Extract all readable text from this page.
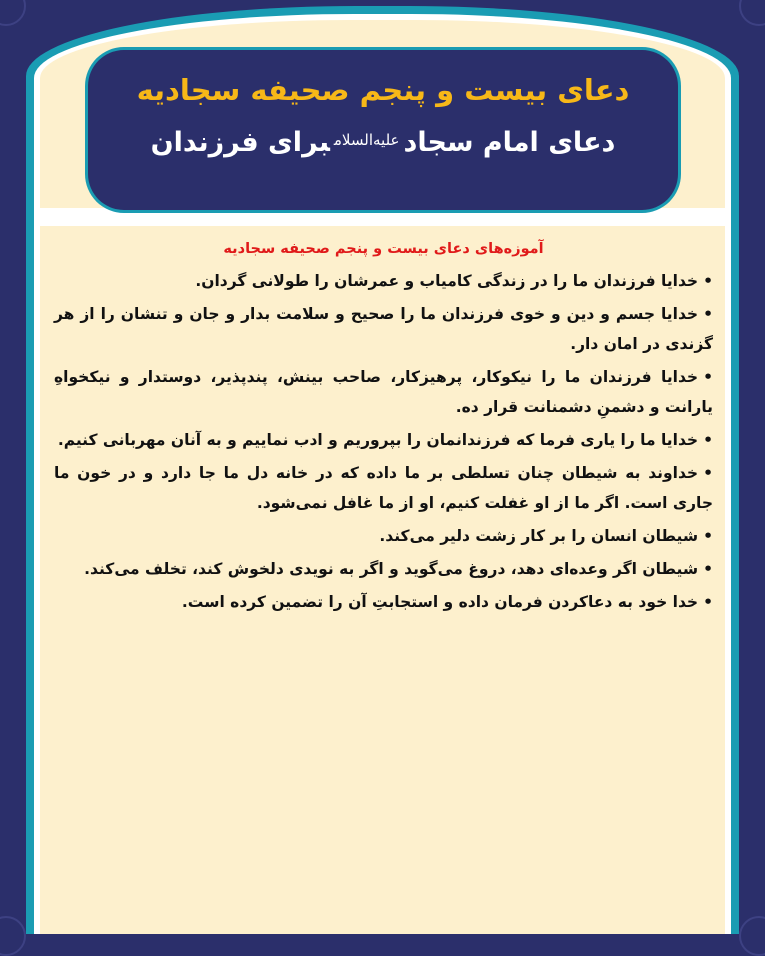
دعای بیست و پنجم صحیفه سجادیه
دعای امام سجاد$^{علیه‌السلام}$برای فرزندان
آموزه‌های دعای بیست و پنجم صحیفه سجادیه
•خدایا فرزندان ما را در زندگی کامیاب و عمرشان را طولانی گردان.
•خدایا جسم و دین و خوی فرزندان ما را صحیح و سلامت بدار و جان و تنشان را از هر گزندی در امان دار.
•خدایا فرزندان ما را نیکوکار، پرهیزکار، صاحب بینش، پندپذیر، دوستدار و نیکخواهِ یارانت و دشمنِ دشمنانت قرار ده.
•خدایا ما را یاری فرما که فرزندانمان را بپروریم و ادب نماییم و به آنان مهربانی کنیم.
•خداوند به شیطان چنان تسلطی بر ما داده که در خانه دل ما جا دارد و در خون ما جاری است. اگر ما از او غفلت کنیم، او از ما غافل نمی‌شود.
•شیطان انسان را بر کار زشت دلیر می‌کند.
•شیطان اگر وعده‌ای دهد، دروغ می‌گوید و اگر به نویدی دلخوش کند، تخلف می‌کند.
•خدا خود به دعاکردن فرمان داده و استجابتِ آن را تضمین کرده است.
